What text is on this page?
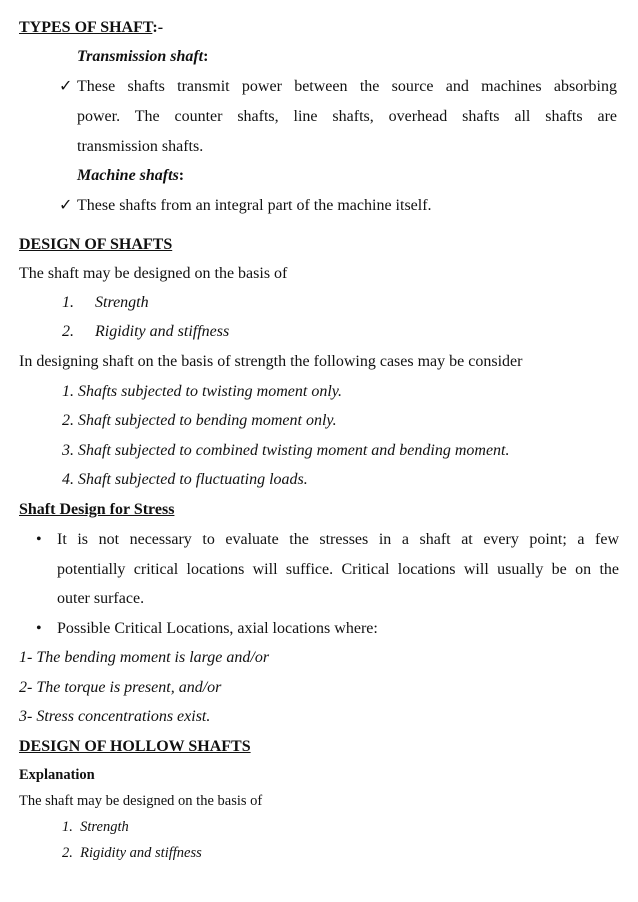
TYPES OF SHAFT:-
Transmission shaft:
✓ These shafts transmit power between the source and machines absorbing
power. The counter shafts, line shafts, overhead shafts all shafts are
transmission shafts.
Machine shafts:
✓ These shafts from an integral part of the machine itself.
DESIGN OF SHAFTS
The shaft may be designed on the basis of
1. Strength
2. Rigidity and stiffness
In designing shaft on the basis of strength the following cases may be consider
1. Shafts subjected to twisting moment only.
2. Shaft subjected to bending moment only.
3. Shaft subjected to combined twisting moment and bending moment.
4. Shaft subjected to fluctuating loads.
Shaft Design for Stress
• It is not necessary to evaluate the stresses in a shaft at every point; a few
potentially critical locations will suffice. Critical locations will usually be on the
outer surface.
• Possible Critical Locations, axial locations where:
1- The bending moment is large and/or
2- The torque is present, and/or
3- Stress concentrations exist.
DESIGN OF HOLLOW SHAFTS
Explanation
The shaft may be designed on the basis of
1.  Strength
2.  Rigidity and stiffness
